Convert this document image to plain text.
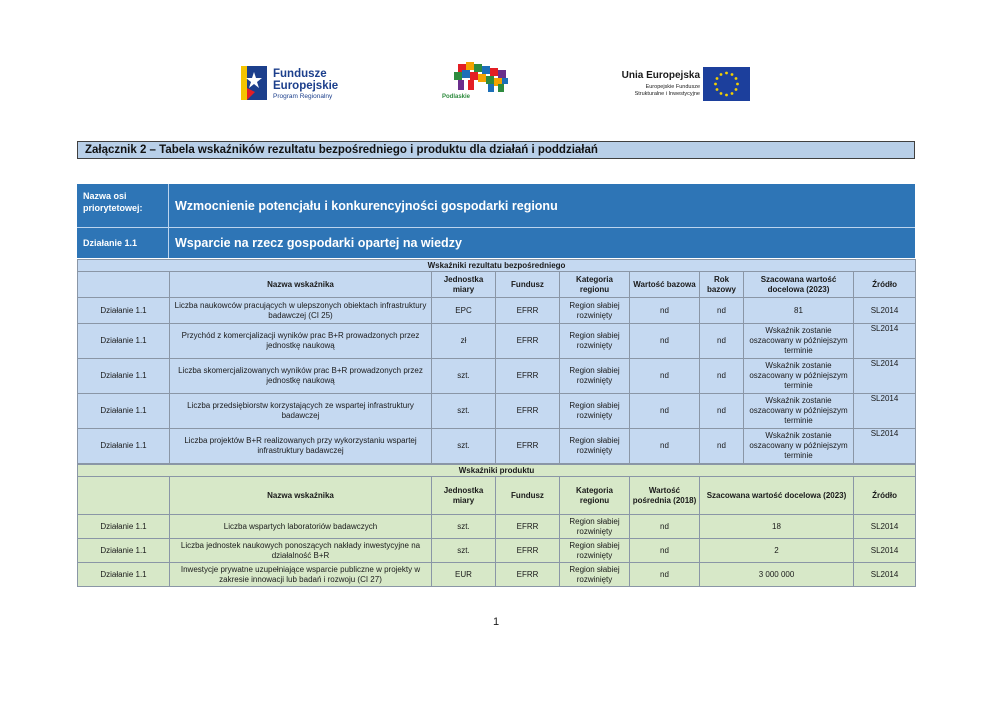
Fundusze
Europejskie
Program Regionalny	Podlaskie
Unia Europejska
Europejskie Fundusze
Strukturalne i Inwestycyjne
Załącznik 2 – Tabela wskaźników rezultatu bezpośredniego i produktu dla działań i poddziałań
Nazwa osi priorytetowej:	Wzmocnienie potencjału i konkurencyjności gospodarki regionu
Działanie 1.1	Wsparcie na rzecz gospodarki opartej na wiedzy
Wskaźniki rezultatu bezpośredniego								
	Nazwa wskaźnika	Jednostka miary	Fundusz	Kategoria regionu	Wartość bazowa	Rok bazowy	Szacowana wartość docelowa (2023)	Źródło
Działanie 1.1	Liczba naukowców pracujących w ulepszonych obiektach infrastruktury badawczej (CI 25)	EPC	EFRR	Region słabiej rozwinięty	nd	nd	81	SL2014
Działanie 1.1	Przychód z komercjalizacji wyników prac B+R prowadzonych przez jednostkę naukową	zł	EFRR	Region słabiej rozwinięty	nd	nd	Wskaźnik zostanie oszacowany w późniejszym terminie	SL2014
Działanie 1.1	Liczba skomercjalizowanych wyników prac B+R prowadzonych przez jednostkę naukową	szt.	EFRR	Region słabiej rozwinięty	nd	nd	Wskaźnik zostanie oszacowany w późniejszym terminie	SL2014
Działanie 1.1	Liczba przedsiębiorstw korzystających ze wspartej infrastruktury badawczej	szt.	EFRR	Region słabiej rozwinięty	nd	nd	Wskaźnik zostanie oszacowany w późniejszym terminie	SL2014
Działanie 1.1	Liczba projektów B+R realizowanych przy wykorzystaniu wspartej infrastruktury badawczej	szt.	EFRR	Region słabiej rozwinięty	nd	nd	Wskaźnik zostanie oszacowany w późniejszym terminie	SL2014
Wskaźniki produktu							
	Nazwa wskaźnika	Jednostka miary	Fundusz	Kategoria regionu	Wartość pośrednia (2018)	Szacowana wartość docelowa (2023)	Źródło
Działanie 1.1	Liczba wspartych laboratoriów badawczych	szt.	EFRR	Region słabiej rozwinięty	nd	18	SL2014
Działanie 1.1	Liczba jednostek naukowych ponoszących nakłady inwestycyjne na działalność B+R	szt.	EFRR	Region słabiej rozwinięty	nd	2	SL2014
Działanie 1.1	Inwestycje prywatne uzupełniające wsparcie publiczne w projekty w zakresie innowacji lub badań i rozwoju (CI 27)	EUR	EFRR	Region słabiej rozwinięty	nd	3 000 000	SL2014
1
